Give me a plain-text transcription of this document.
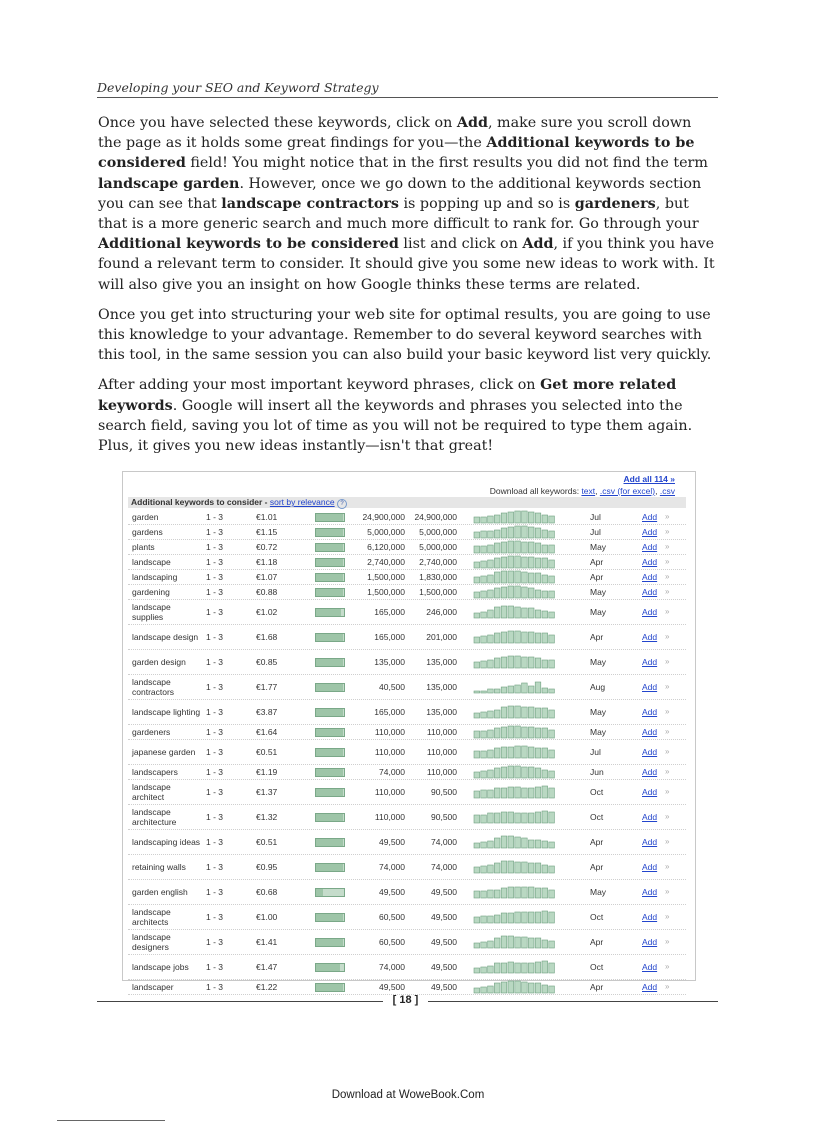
Developing your SEO and Keyword Strategy

Once you have selected these keywords, click on Add, make sure you scroll down the page as it holds some great findings for you—the Additional keywords to be considered field! You might notice that in the first results you did not find the term landscape garden. However, once we go down to the additional keywords section you can see that landscape contractors is popping up and so is gardeners, but that is a more generic search and much more difficult to rank for. Go through your Additional keywords to be considered list and click on Add, if you think you have found a relevant term to consider. It should give you some new ideas to work with. It will also give you an insight on how Google thinks these terms are related.

Once you get into structuring your web site for optimal results, you are going to use this knowledge to your advantage. Remember to do several keyword searches with this tool, in the same session you can also build your basic keyword list very quickly.

After adding your most important keyword phrases, click on Get more related keywords. Google will insert all the keywords and phrases you selected into the search field, saving you lot of time as you will not be required to type them again. Plus, it gives you new ideas instantly—isn't that great!

Add all 114 »
Download all keywords: text, .csv (for excel), .csv
Additional keywords to consider - sort by relevance ?
garden	1 - 3	€1.01	24,900,000	24,900,000	Jul	Add »
gardens	1 - 3	€1.15	5,000,000	5,000,000	Jul	Add »
plants	1 - 3	€0.72	6,120,000	5,000,000	May	Add »
landscape	1 - 3	€1.18	2,740,000	2,740,000	Apr	Add »
landscaping	1 - 3	€1.07	1,500,000	1,830,000	Apr	Add »
gardening	1 - 3	€0.88	1,500,000	1,500,000	May	Add »
landscape supplies	1 - 3	€1.02	165,000	246,000	May	Add »
landscape design 1 - 3	€1.68	165,000	201,000	Apr	Add »
garden design	1 - 3	€0.85	135,000	135,000	May	Add »
landscape contractors	1 - 3	€1.77	40,500	135,000	Aug	Add »
landscape lighting 1 - 3	€3.87	165,000	135,000	May	Add »
gardeners	1 - 3	€1.64	110,000	110,000	May	Add »
japanese garden	1 - 3	€0.51	110,000	110,000	Jul	Add »
landscapers	1 - 3	€1.19	74,000	110,000	Jun	Add »
landscape architect	1 - 3	€1.37	110,000	90,500	Oct	Add »
landscape architecture	1 - 3	€1.32	110,000	90,500	Oct	Add »
landscaping ideas 1 - 3	€0.51	49,500	74,000	Apr	Add »
retaining walls	1 - 3	€0.95	74,000	74,000	Apr	Add »
garden english	1 - 3	€0.68	49,500	49,500	May	Add »
landscape architects	1 - 3	€1.00	60,500	49,500	Oct	Add »
landscape designers	1 - 3	€1.41	60,500	49,500	Apr	Add »
landscape jobs	1 - 3	€1.47	74,000	49,500	Oct	Add »
landscaper	1 - 3	€1.22	49,500	49,500	Apr	Add »
[ 18 ]
Download at WoweBook.Com
